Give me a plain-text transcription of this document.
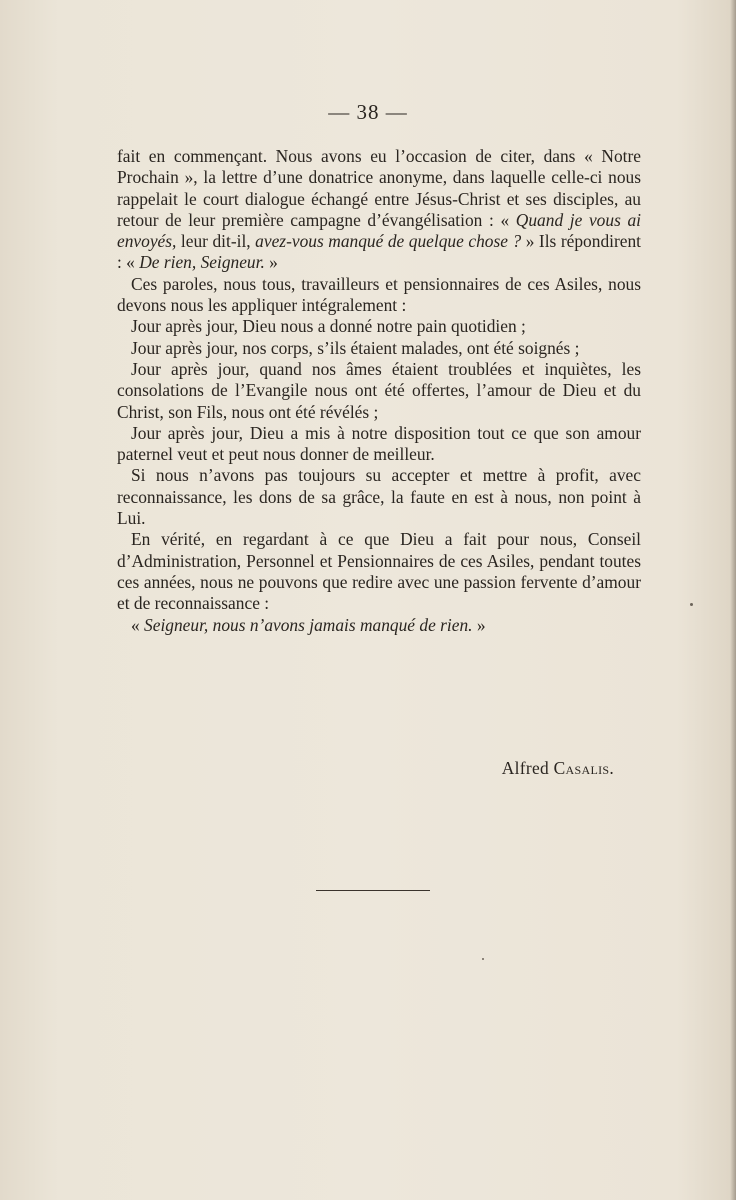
— 38 —

fait en commençant. Nous avons eu l’occasion de citer, dans « Notre Prochain », la lettre d’une donatrice anonyme, dans laquelle celle-ci nous rappelait le court dialogue échangé entre Jésus-Christ et ses disciples, au retour de leur première campagne d’évangélisation : « Quand je vous ai envoyés, leur dit-il, avez-vous manqué de quelque chose ? » Ils répondirent : « De rien, Seigneur. »

Ces paroles, nous tous, travailleurs et pensionnaires de ces Asiles, nous devons nous les appliquer intégralement :

Jour après jour, Dieu nous a donné notre pain quotidien ;

Jour après jour, nos corps, s’ils étaient malades, ont été soignés ;

Jour après jour, quand nos âmes étaient troublées et inquiètes, les consolations de l’Evangile nous ont été offertes, l’amour de Dieu et du Christ, son Fils, nous ont été révélés ;

Jour après jour, Dieu a mis à notre disposition tout ce que son amour paternel veut et peut nous donner de meilleur.

Si nous n’avons pas toujours su accepter et mettre à profit, avec reconnaissance, les dons de sa grâce, la faute en est à nous, non point à Lui.

En vérité, en regardant à ce que Dieu a fait pour nous, Conseil d’Administration, Personnel et Pensionnaires de ces Asiles, pendant toutes ces années, nous ne pouvons que redire avec une passion fervente d’amour et de reconnaissance :

« Seigneur, nous n’avons jamais manqué de rien. »

Alfred Casalis.
